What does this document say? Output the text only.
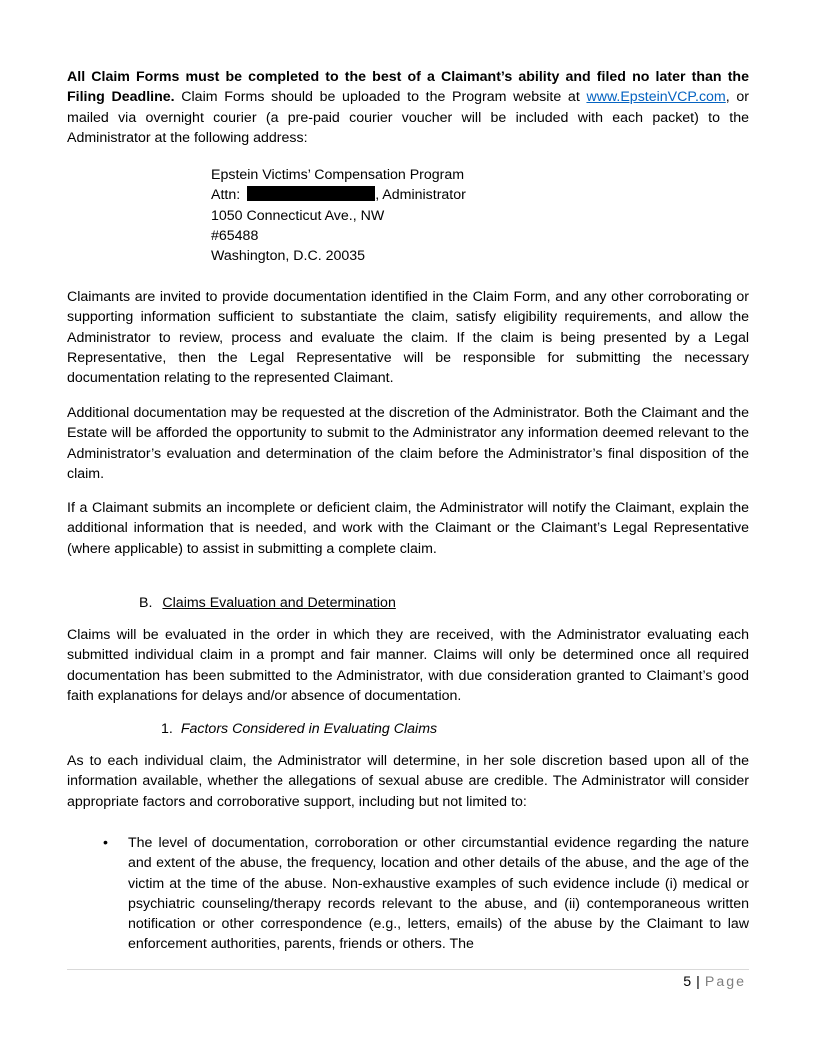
All Claim Forms must be completed to the best of a Claimant’s ability and filed no later than the Filing Deadline. Claim Forms should be uploaded to the Program website at www.EpsteinVCP.com, or mailed via overnight courier (a pre-paid courier voucher will be included with each packet) to the Administrator at the following address:

Epstein Victims’ Compensation Program
Attn:	, Administrator
1050 Connecticut Ave., NW
#65488
Washington, D.C. 20035

Claimants are invited to provide documentation identified in the Claim Form, and any other corroborating or supporting information sufficient to substantiate the claim, satisfy eligibility requirements, and allow the Administrator to review, process and evaluate the claim. If the claim is being presented by a Legal Representative, then the Legal Representative will be responsible for submitting the necessary documentation relating to the represented Claimant.

Additional documentation may be requested at the discretion of the Administrator. Both the Claimant and the Estate will be afforded the opportunity to submit to the Administrator any information deemed relevant to the Administrator’s evaluation and determination of the claim before the Administrator’s final disposition of the claim.

If a Claimant submits an incomplete or deficient claim, the Administrator will notify the Claimant, explain the additional information that is needed, and work with the Claimant or the Claimant’s Legal Representative (where applicable) to assist in submitting a complete claim.

B. Claims Evaluation and Determination

Claims will be evaluated in the order in which they are received, with the Administrator evaluating each submitted individual claim in a prompt and fair manner. Claims will only be determined once all required documentation has been submitted to the Administrator, with due consideration granted to Claimant’s good faith explanations for delays and/or absence of documentation.

1. Factors Considered in Evaluating Claims

As to each individual claim, the Administrator will determine, in her sole discretion based upon all of the information available, whether the allegations of sexual abuse are credible. The Administrator will consider appropriate factors and corroborative support, including but not limited to:

• The level of documentation, corroboration or other circumstantial evidence regarding the nature and extent of the abuse, the frequency, location and other details of the abuse, and the age of the victim at the time of the abuse. Non-exhaustive examples of such evidence include (i) medical or psychiatric counseling/therapy records relevant to the abuse, and (ii) contemporaneous written notification or other correspondence (e.g., letters, emails) of the abuse by the Claimant to law enforcement authorities, parents, friends or others. The

5 | Page
